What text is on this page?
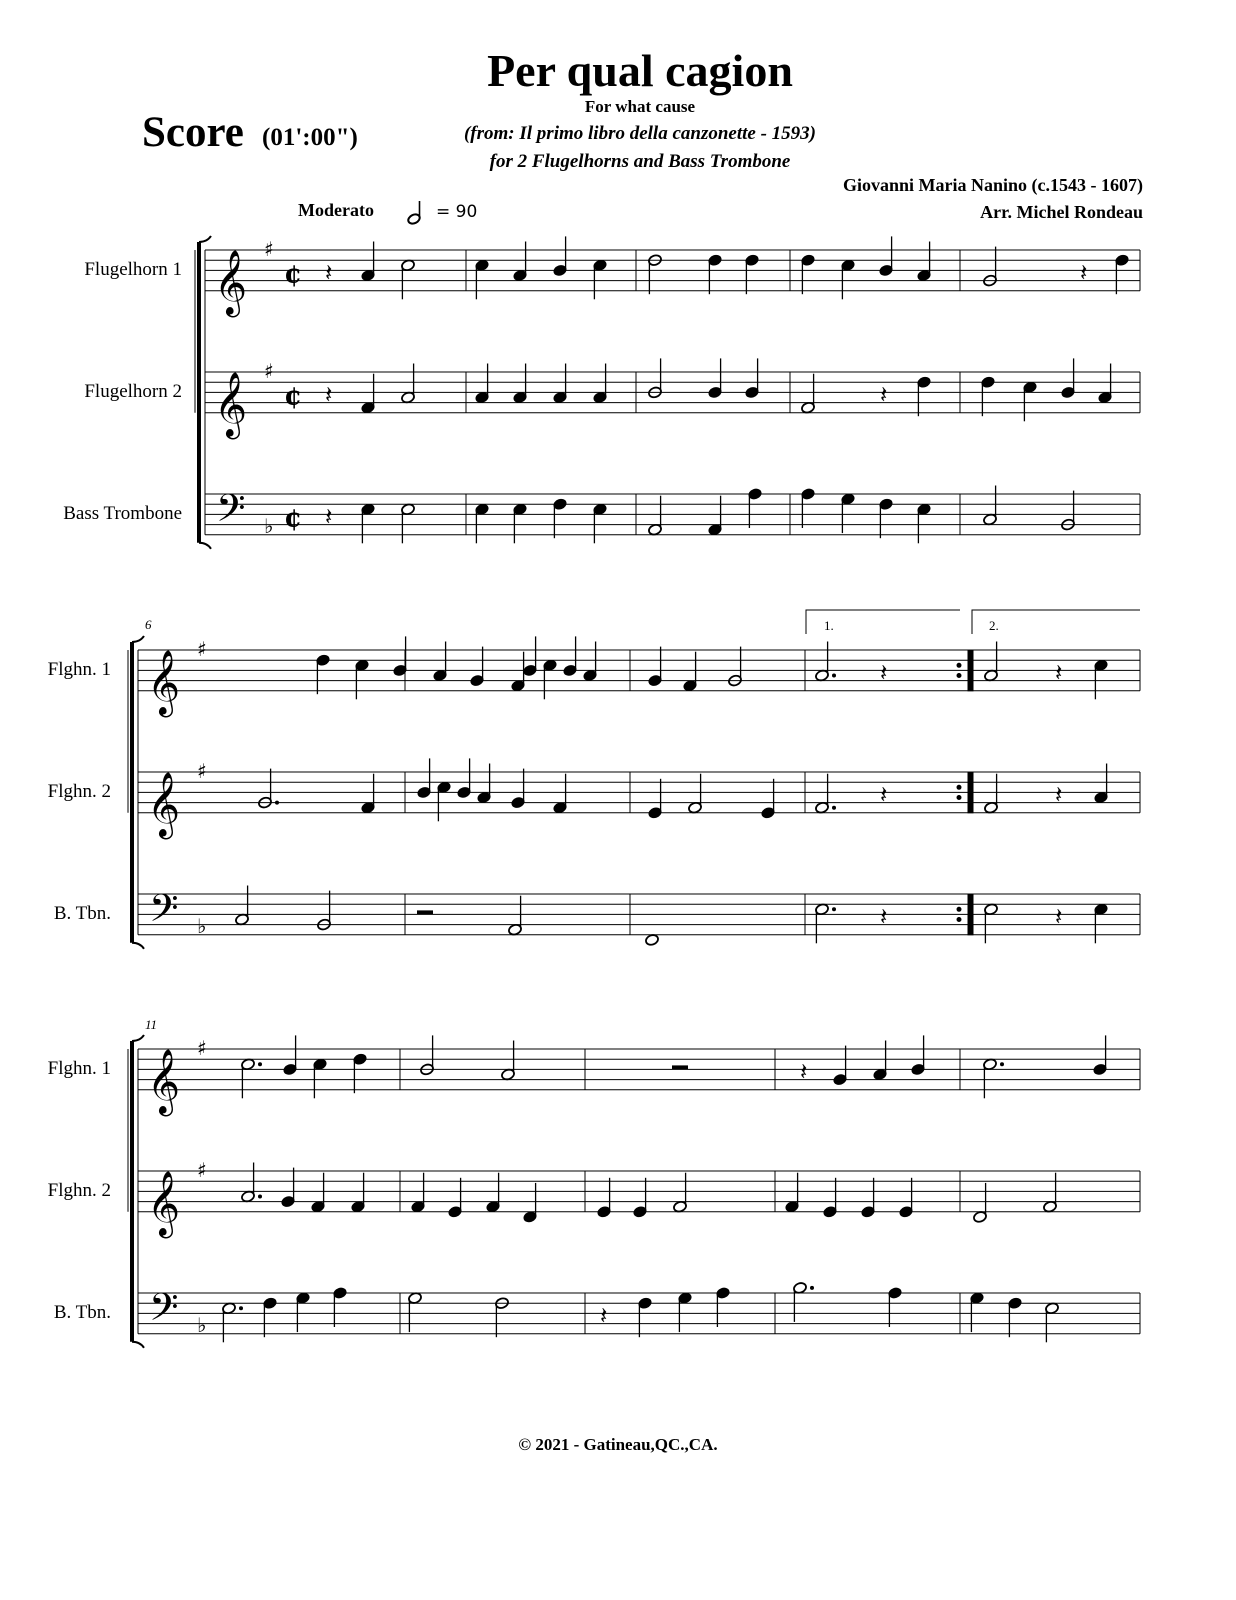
Per qual cagion
For what cause
(from: Il primo libro della canzonette - 1593)
for 2 Flugelhorns and Bass Trombone
Score (01':00")
Giovanni Maria Nanino (c.1543 - 1607)
Arr. Michel Rondeau
Moderato	= 90
Flugelhorn 1
Flugelhorn 2
Bass Trombone
Flghn. 1
Flghn. 2
B. Tbn.
Flghn. 1
Flghn. 2
B. Tbn.
6
11
1.	2.
𝄞
♯
¢
𝄞
♯
¢
𝄢 ♭ ¢
𝄞
♯
𝄞
♯
𝄢 ♭
𝄞
♯
𝄞
♯
𝄢 ♭
𝄽	𝄽
𝄽	𝄽
𝄽
𝄽	𝄽
𝄽	𝄽
𝄽	𝄽
𝄽
𝄽
© 2021 - Gatineau,QC.,CA.
